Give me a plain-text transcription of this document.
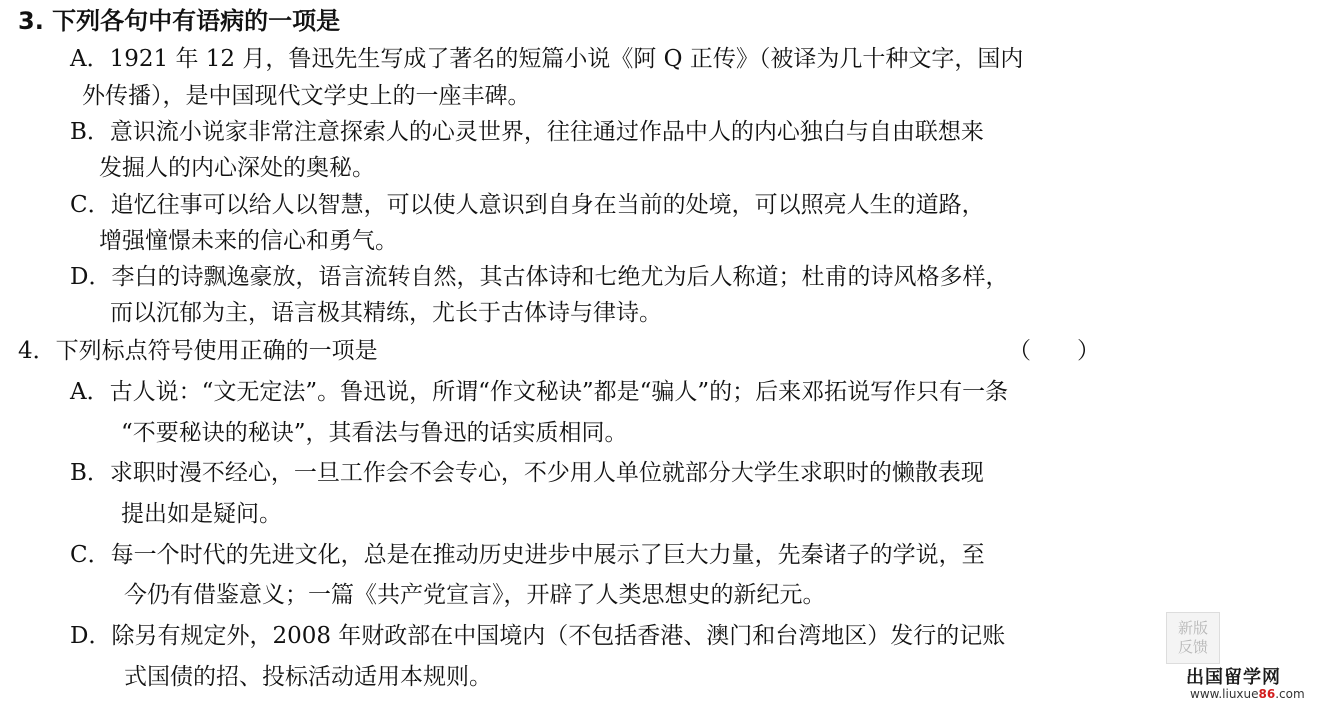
3. 下列各句中有语病的一项是
A．1921 年 12 月，鲁迅先生写成了著名的短篇小说《阿 Q 正传》（被译为几十种文字，国内
外传播），是中国现代文学史上的一座丰碑。
B．意识流小说家非常注意探索人的心灵世界，往往通过作品中人的内心独白与自由联想来
发掘人的内心深处的奥秘。
C．追忆往事可以给人以智慧，可以使人意识到自身在当前的处境，可以照亮人生的道路，
增强憧憬未来的信心和勇气。
D．李白的诗飘逸豪放，语言流转自然，其古体诗和七绝尤为后人称道；杜甫的诗风格多样，
而以沉郁为主，语言极其精练，尤长于古体诗与律诗。
4．下列标点符号使用正确的一项是	（　　）
A．古人说：“文无定法”。鲁迅说，所谓“作文秘诀”都是“骗人”的；后来邓拓说写作只有一条
“不要秘诀的秘诀”，其看法与鲁迅的话实质相同。
B．求职时漫不经心，一旦工作会不会专心，不少用人单位就部分大学生求职时的懒散表现
提出如是疑问。
C．每一个时代的先进文化，总是在推动历史进步中展示了巨大力量，先秦诸子的学说，至
今仍有借鉴意义；一篇《共产党宣言》，开辟了人类思想史的新纪元。
D．除另有规定外，2008 年财政部在中国境内（不包括香港、澳门和台湾地区）发行的记账
式国债的招、投标活动适用本规则。
新版
反馈
出国留学网
www.liuxue86.com
